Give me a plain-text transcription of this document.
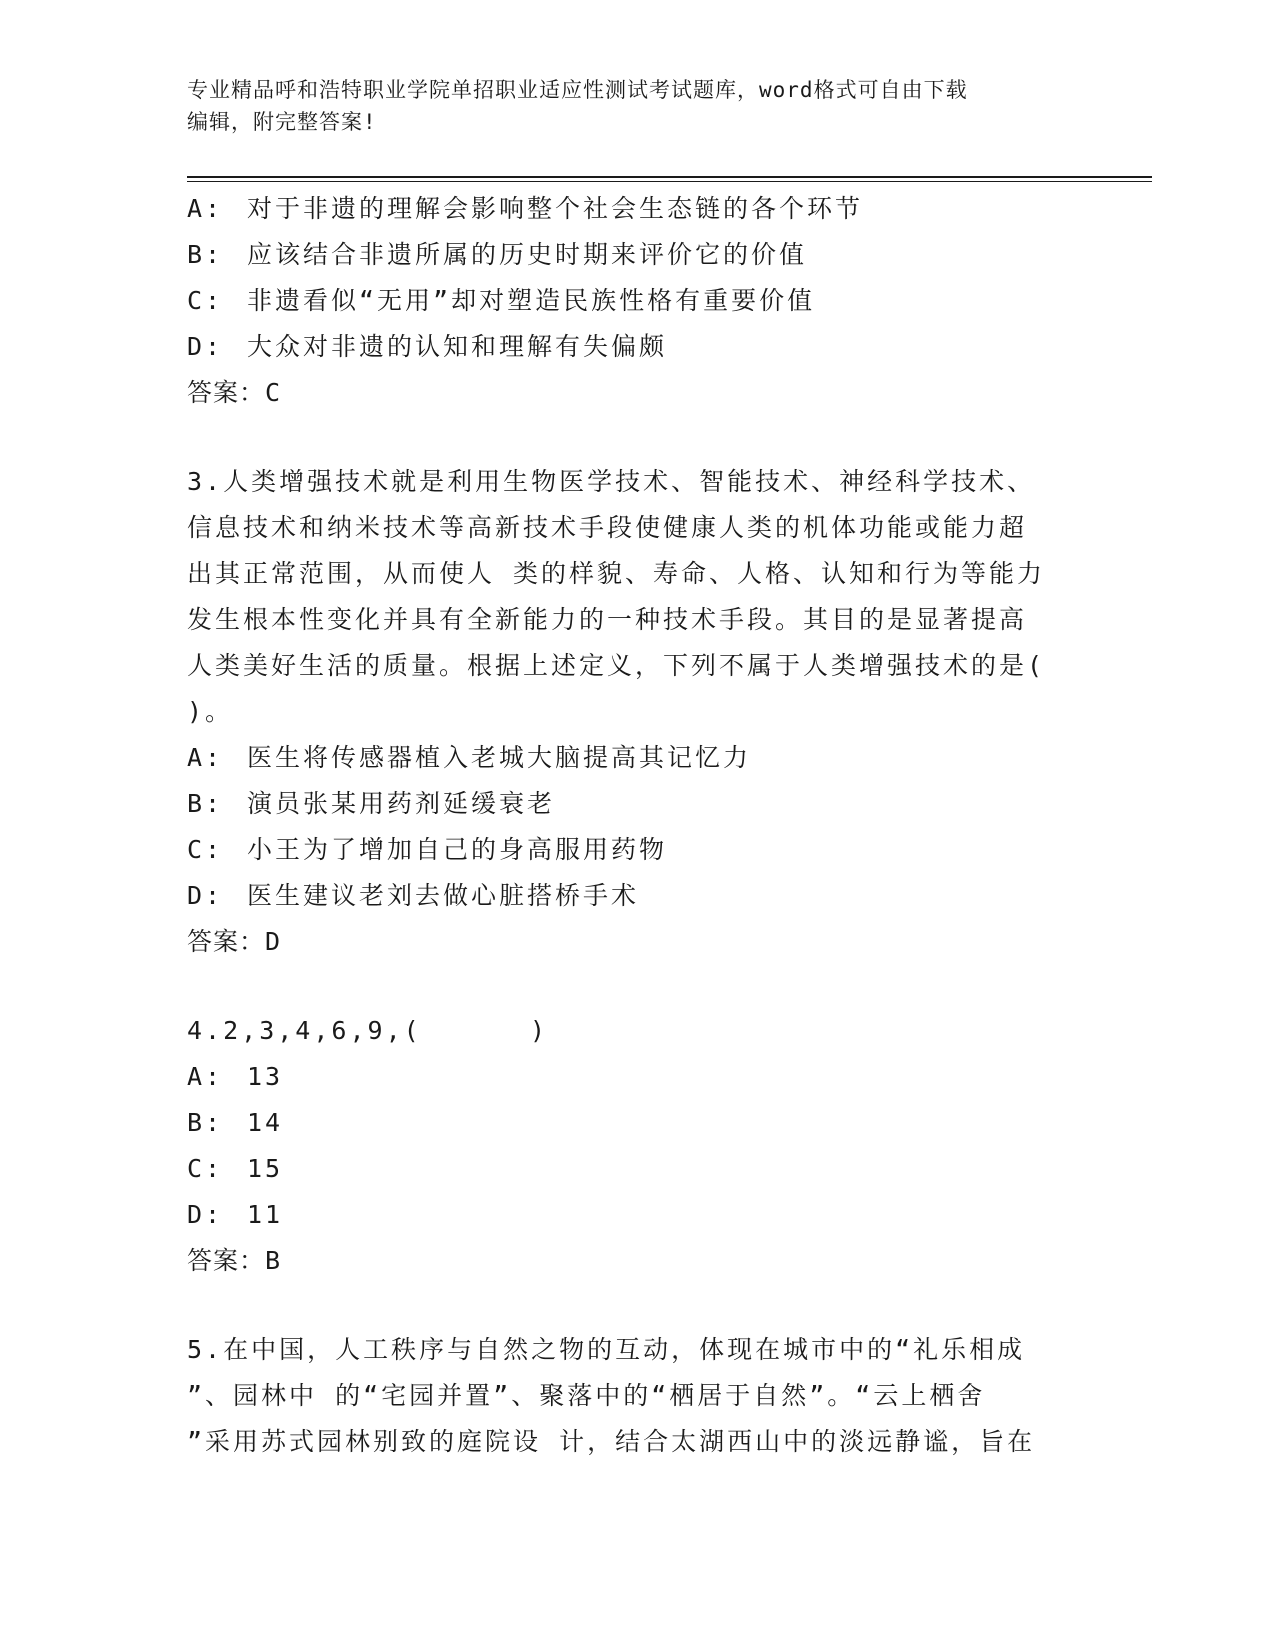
专业精品呼和浩特职业学院单招职业适应性测试考试题库，word格式可自由下载
编辑，附完整答案!
A: 对于非遗的理解会影响整个社会生态链的各个环节
B: 应该结合非遗所属的历史时期来评价它的价值
C: 非遗看似“无用”却对塑造民族性格有重要价值
D: 大众对非遗的认知和理解有失偏颇
答案：C
3.人类增强技术就是利用生物医学技术、智能技术、神经科学技术、
信息技术和纳米技术等高新技术手段使健康人类的机体功能或能力超
出其正常范围，从而使人 类的样貌、寿命、人格、认知和行为等能力
发生根本性变化并具有全新能力的一种技术手段。其目的是显著提高
人类美好生活的质量。根据上述定义，下列不属于人类增强技术的是(
)。
A: 医生将传感器植入老城大脑提高其记忆力
B: 演员张某用药剂延缓衰老
C: 小王为了增加自己的身高服用药物
D: 医生建议老刘去做心脏搭桥手术
答案：D
4.2,3,4,6,9,(      )
A: 13
B: 14
C: 15
D: 11
答案：B
5.在中国，人工秩序与自然之物的互动，体现在城市中的“礼乐相成
”、园林中 的“宅园并置”、聚落中的“栖居于自然”。“云上栖舍
”采用苏式园林别致的庭院设 计，结合太湖西山中的淡远静谧，旨在
